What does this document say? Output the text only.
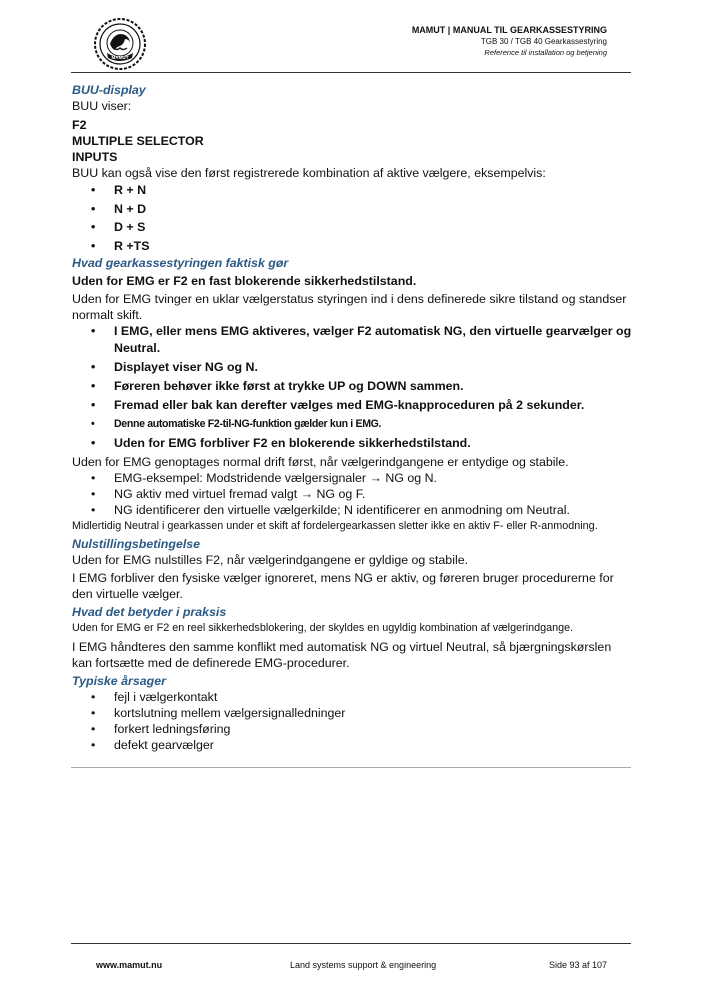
MAMUT
MAMUT | MANUAL TIL GEARKASSESTYRING
TGB 30 / TGB 40 Gearkassestyring
Reference til installation og betjening

BUU-display

BUU viser:

F2

MULTIPLE SELECTOR

INPUTS

BUU kan også vise den først registrerede kombination af aktive vælgere, eksempelvis:

• R + N
• N + D
• D + S
• R +TS

Hvad gearkassestyringen faktisk gør

Uden for EMG er F2 en fast blokerende sikkerhedstilstand.

Uden for EMG tvinger en uklar vælgerstatus styringen ind i dens definerede sikre tilstand og standser normalt skift.

• I EMG, eller mens EMG aktiveres, vælger F2 automatisk NG, den virtuelle gearvælger og Neutral.
• Displayet viser NG og N.
• Føreren behøver ikke først at trykke UP og DOWN sammen.
• Fremad eller bak kan derefter vælges med EMG-knapproceduren på 2 sekunder.
• Denne automatiske F2-til-NG-funktion gælder kun i EMG.
• Uden for EMG forbliver F2 en blokerende sikkerhedstilstand.

Uden for EMG genoptages normal drift først, når vælgerindgangene er entydige og stabile.

• EMG-eksempel: Modstridende vælgersignaler → NG og N.
• NG aktiv med virtuel fremad valgt → NG og F.
• NG identificerer den virtuelle vælgerkilde; N identificerer en anmodning om Neutral.

Midlertidig Neutral i gearkassen under et skift af fordelergearkassen sletter ikke en aktiv F- eller R-anmodning.

Nulstillingsbetingelse

Uden for EMG nulstilles F2, når vælgerindgangene er gyldige og stabile.

I EMG forbliver den fysiske vælger ignoreret, mens NG er aktiv, og føreren bruger procedurerne for den virtuelle vælger.

Hvad det betyder i praksis

Uden for EMG er F2 en reel sikkerhedsblokering, der skyldes en ugyldig kombination af vælgerindgange.

I EMG håndteres den samme konflikt med automatisk NG og virtuel Neutral, så bjærgningskørslen kan fortsætte med de definerede EMG-procedurer.

Typiske årsager

• fejl i vælgerkontakt
• kortslutning mellem vælgersignalledninger
• forkert ledningsføring
• defekt gearvælger
www.mamut.nu	Land systems support & engineering	Side 93 af 107
